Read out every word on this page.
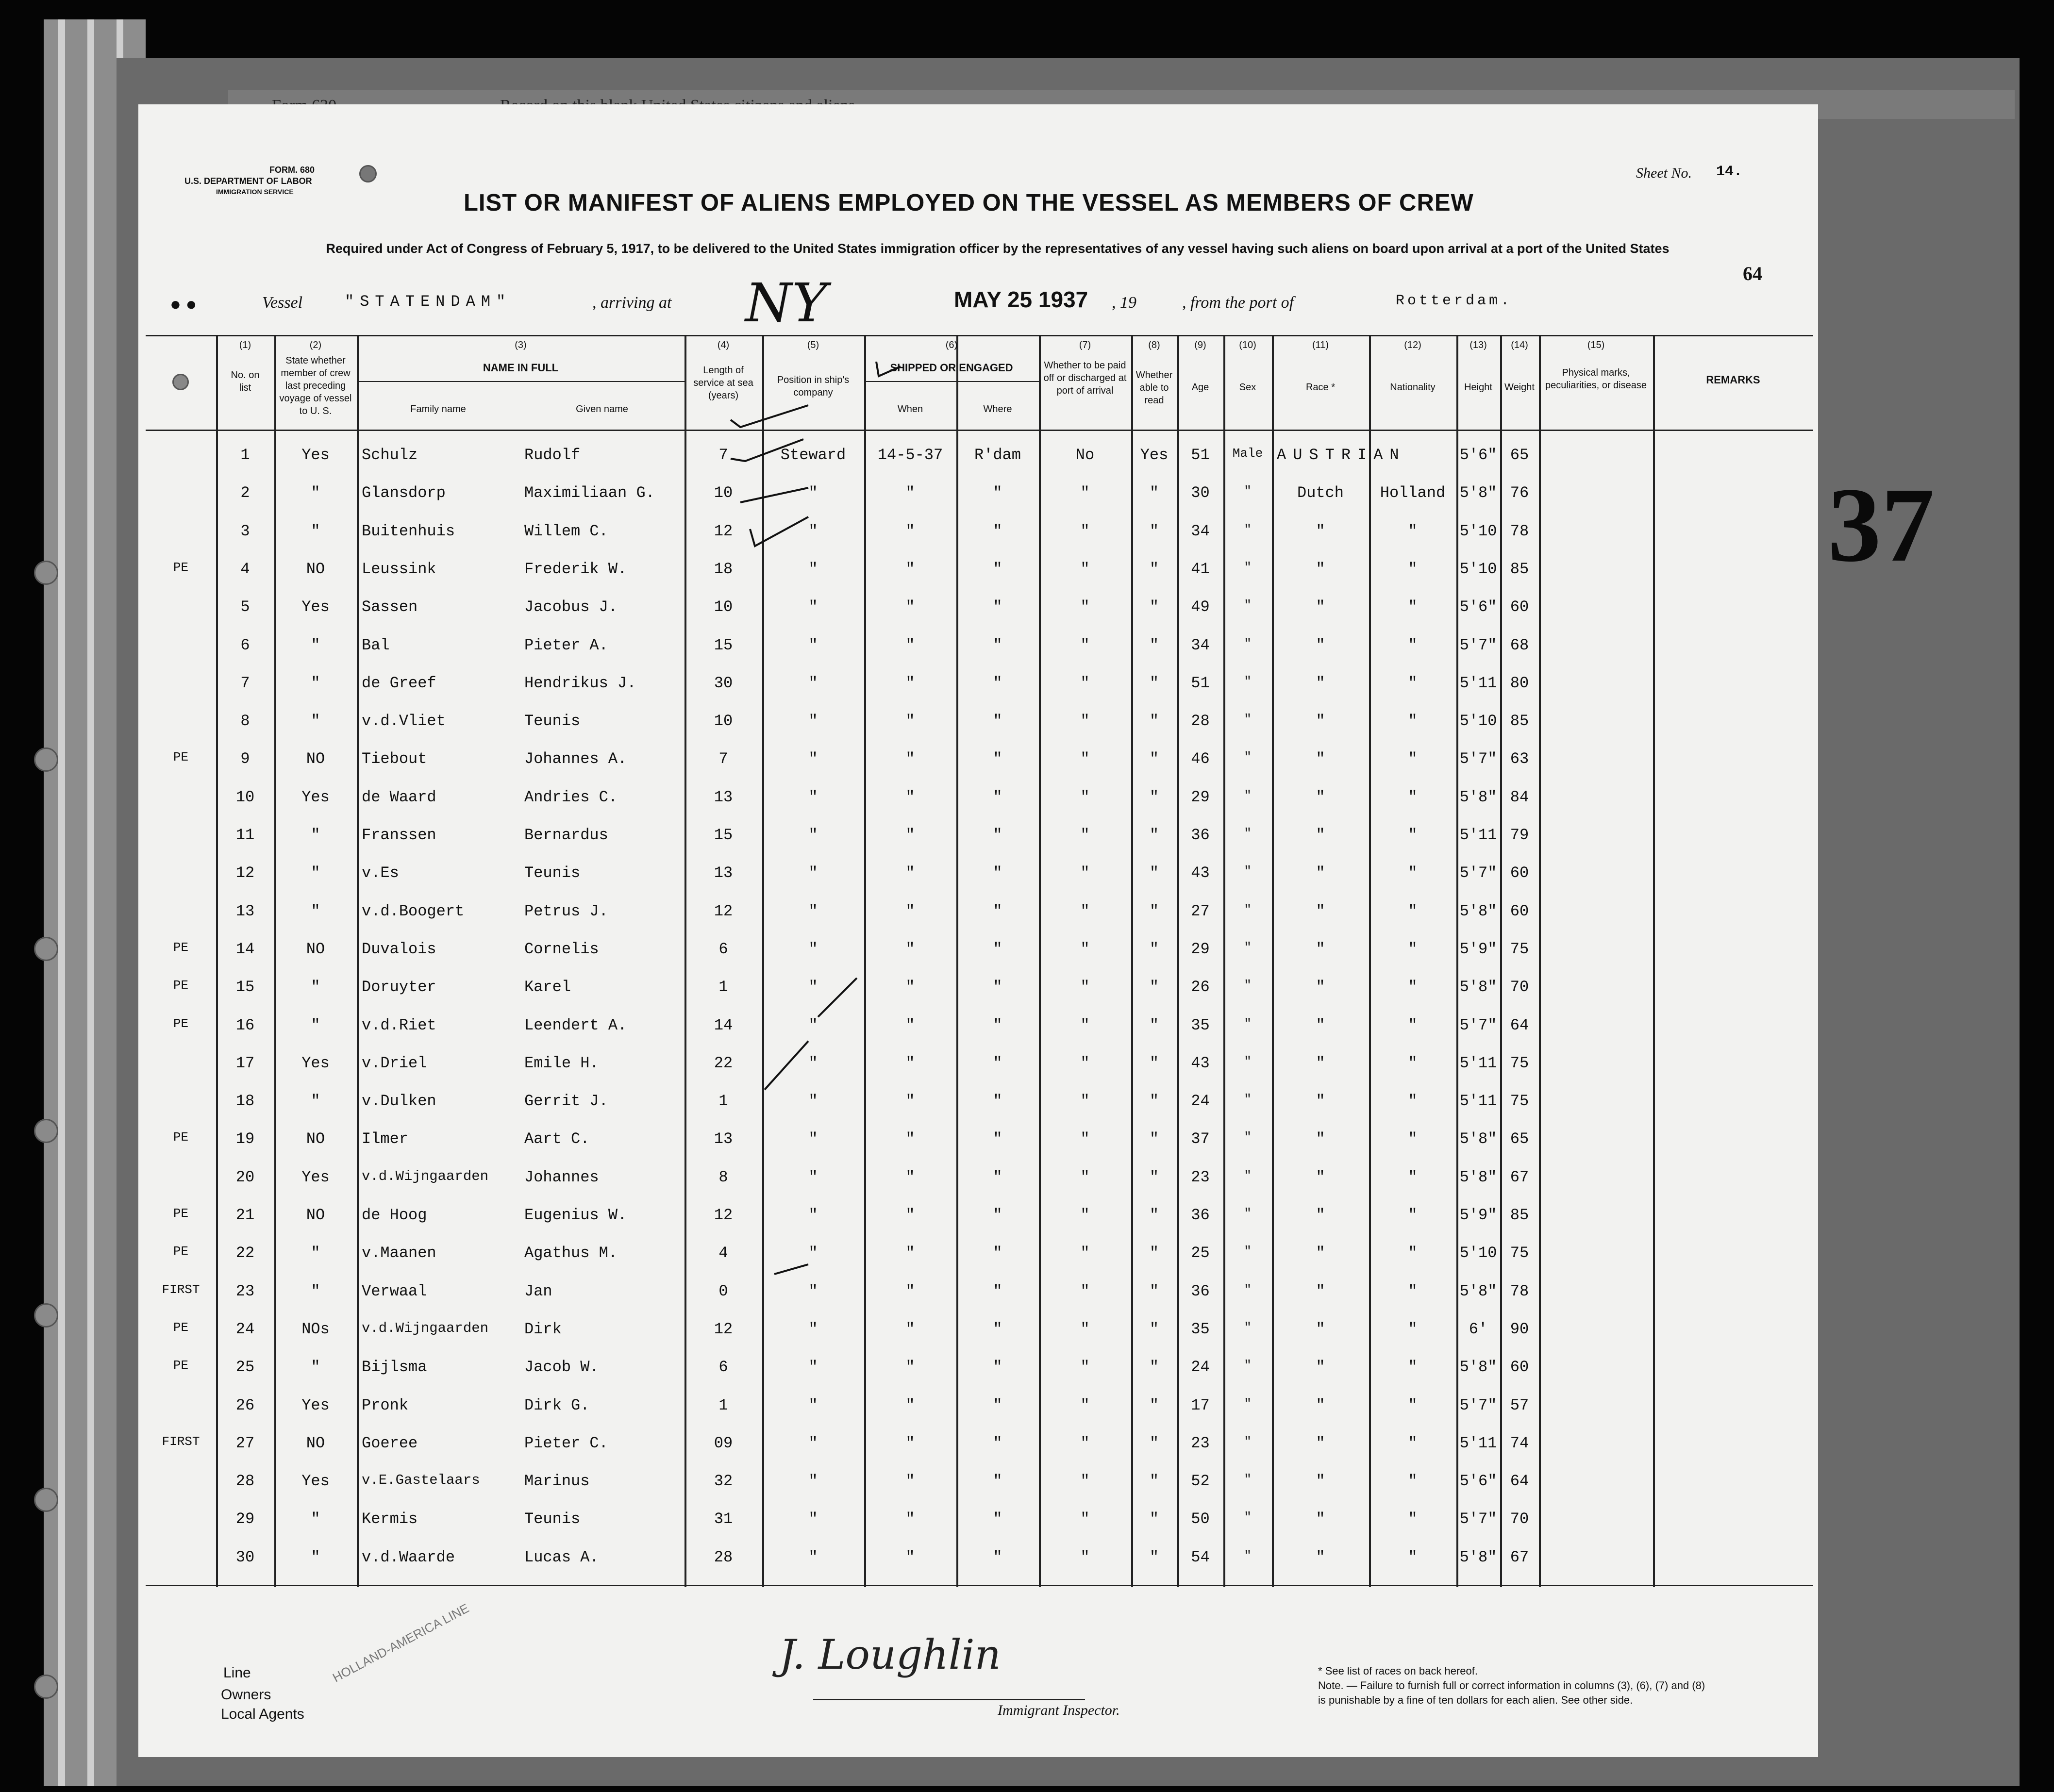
FORM. 680
U.S. DEPARTMENT OF LABOR
IMMIGRATION SERVICE
Sheet No. 14.
LIST OR MANIFEST OF ALIENS EMPLOYED ON THE VESSEL AS MEMBERS OF CREW
Required under Act of Congress of February 5, 1917, to be delivered to the United States immigration officer by the representatives of any vessel having such aliens on board upon arrival at a port of the United States
64
● ●	Vessel	"STATENDAM"	, arriving at NY	MAY 25 1937 , 19	, from the port of	Rotterdam.
(1)	(2)	(3)	(4)	(5)	(6)	(7)	(8)	(9)	(10)	(11)	(12)	(13)	(14)	(15)
No. on list
State whether member of crew last preceding voyage of vessel to U. S.
NAME IN FULL
Family name	Given name
Length of service at sea (years)
Position in ship's company
SHIPPED OR ENGAGED
When	Where
Whether to be paid off or discharged at port of arrival
Whether able to read
Age	Sex	Race *	Nationality	Height	Weight
Physical marks, peculiarities, or disease	REMARKS
1	Yes	Schulz	Rudolf	7	Steward	14-5-37	R'dam	No	Yes	51	Male AUSTRIAN	5'6" 65
2	"	Glansdorp	Maximiliaan G.	10	"	"	"	"	"	30	"	Dutch	Holland 5'8" 76
3	"	Buitenhuis	Willem C.	12	"	"	"	"	"	34	"	"	"	5'10 78
PE	4	NO	Leussink	Frederik W.	18	"	"	"	"	"	41	"	"	"	5'10 85
5	Yes	Sassen	Jacobus J.	10	"	"	"	"	"	49	"	"	"	5'6" 60
6	"	Bal	Pieter A.	15	"	"	"	"	"	34	"	"	"	5'7" 68
7	"	de Greef	Hendrikus J.	30	"	"	"	"	"	51	"	"	"	5'11 80
8	"	v.d.Vliet	Teunis	10	"	"	"	"	"	28	"	"	"	5'10 85
PE	9	NO	Tiebout	Johannes A.	7	"	"	"	"	"	46	"	"	"	5'7" 63
10	Yes	de Waard	Andries C.	13	"	"	"	"	"	29	"	"	"	5'8" 84
11	"	Franssen	Bernardus	15	"	"	"	"	"	36	"	"	"	5'11 79
12	"	v.Es	Teunis	13	"	"	"	"	"	43	"	"	"	5'7" 60
13	"	v.d.Boogert	Petrus J.	12	"	"	"	"	"	27	"	"	"	5'8" 60
PE	14	NO	Duvalois	Cornelis	6	"	"	"	"	"	29	"	"	"	5'9" 75
PE	15	"	Doruyter	Karel	1	"	"	"	"	"	26	"	"	"	5'8" 70
PE	16	"	v.d.Riet	Leendert A.	14	"	"	"	"	"	35	"	"	"	5'7" 64
17	Yes	v.Driel	Emile H.	22	"	"	"	"	"	43	"	"	"	5'11 75
18	"	v.Dulken	Gerrit J.	1	"	"	"	"	"	24	"	"	"	5'11 75
PE	19	NO	Ilmer	Aart C.	13	"	"	"	"	"	37	"	"	"	5'8" 65
20	Yes	v.d.Wijngaarden	Johannes	8	"	"	"	"	"	23	"	"	"	5'8" 67
PE	21	NO	de Hoog	Eugenius W.	12	"	"	"	"	"	36	"	"	"	5'9" 85
PE	22	"	v.Maanen	Agathus M.	4	"	"	"	"	"	25	"	"	"	5'10 75
FIRST	23	"	Verwaal	Jan	0	"	"	"	"	"	36	"	"	"	5'8" 78
PE	24	NOs	v.d.Wijngaarden	Dirk	12	"	"	"	"	"	35	"	"	"	6'	90
PE	25	"	Bijlsma	Jacob W.	6	"	"	"	"	"	24	"	"	"	5'8" 60
26	Yes	Pronk	Dirk G.	1	"	"	"	"	"	17	"	"	"	5'7" 57
FIRST	27	NO	Goeree	Pieter C.	09	"	"	"	"	"	23	"	"	"	5'11 74
28	Yes	v.E.Gastelaars	Marinus	32	"	"	"	"	"	52	"	"	"	5'6" 64
29	"	Kermis	Teunis	31	"	"	"	"	"	50	"	"	"	5'7" 70
30	"	v.d.Waarde	Lucas A.	28	"	"	"	"	"	54	"	"	"	5'8" 67
37
Line
Owners
Local Agents
HOLLAND-AMERICA LINE	J. Loughlin
Immigrant Inspector.
* See list of races on back hereof.
Note. — Failure to furnish full or correct information in columns (3), (6), (7) and (8)
is punishable by a fine of ten dollars for each alien. See other side.
